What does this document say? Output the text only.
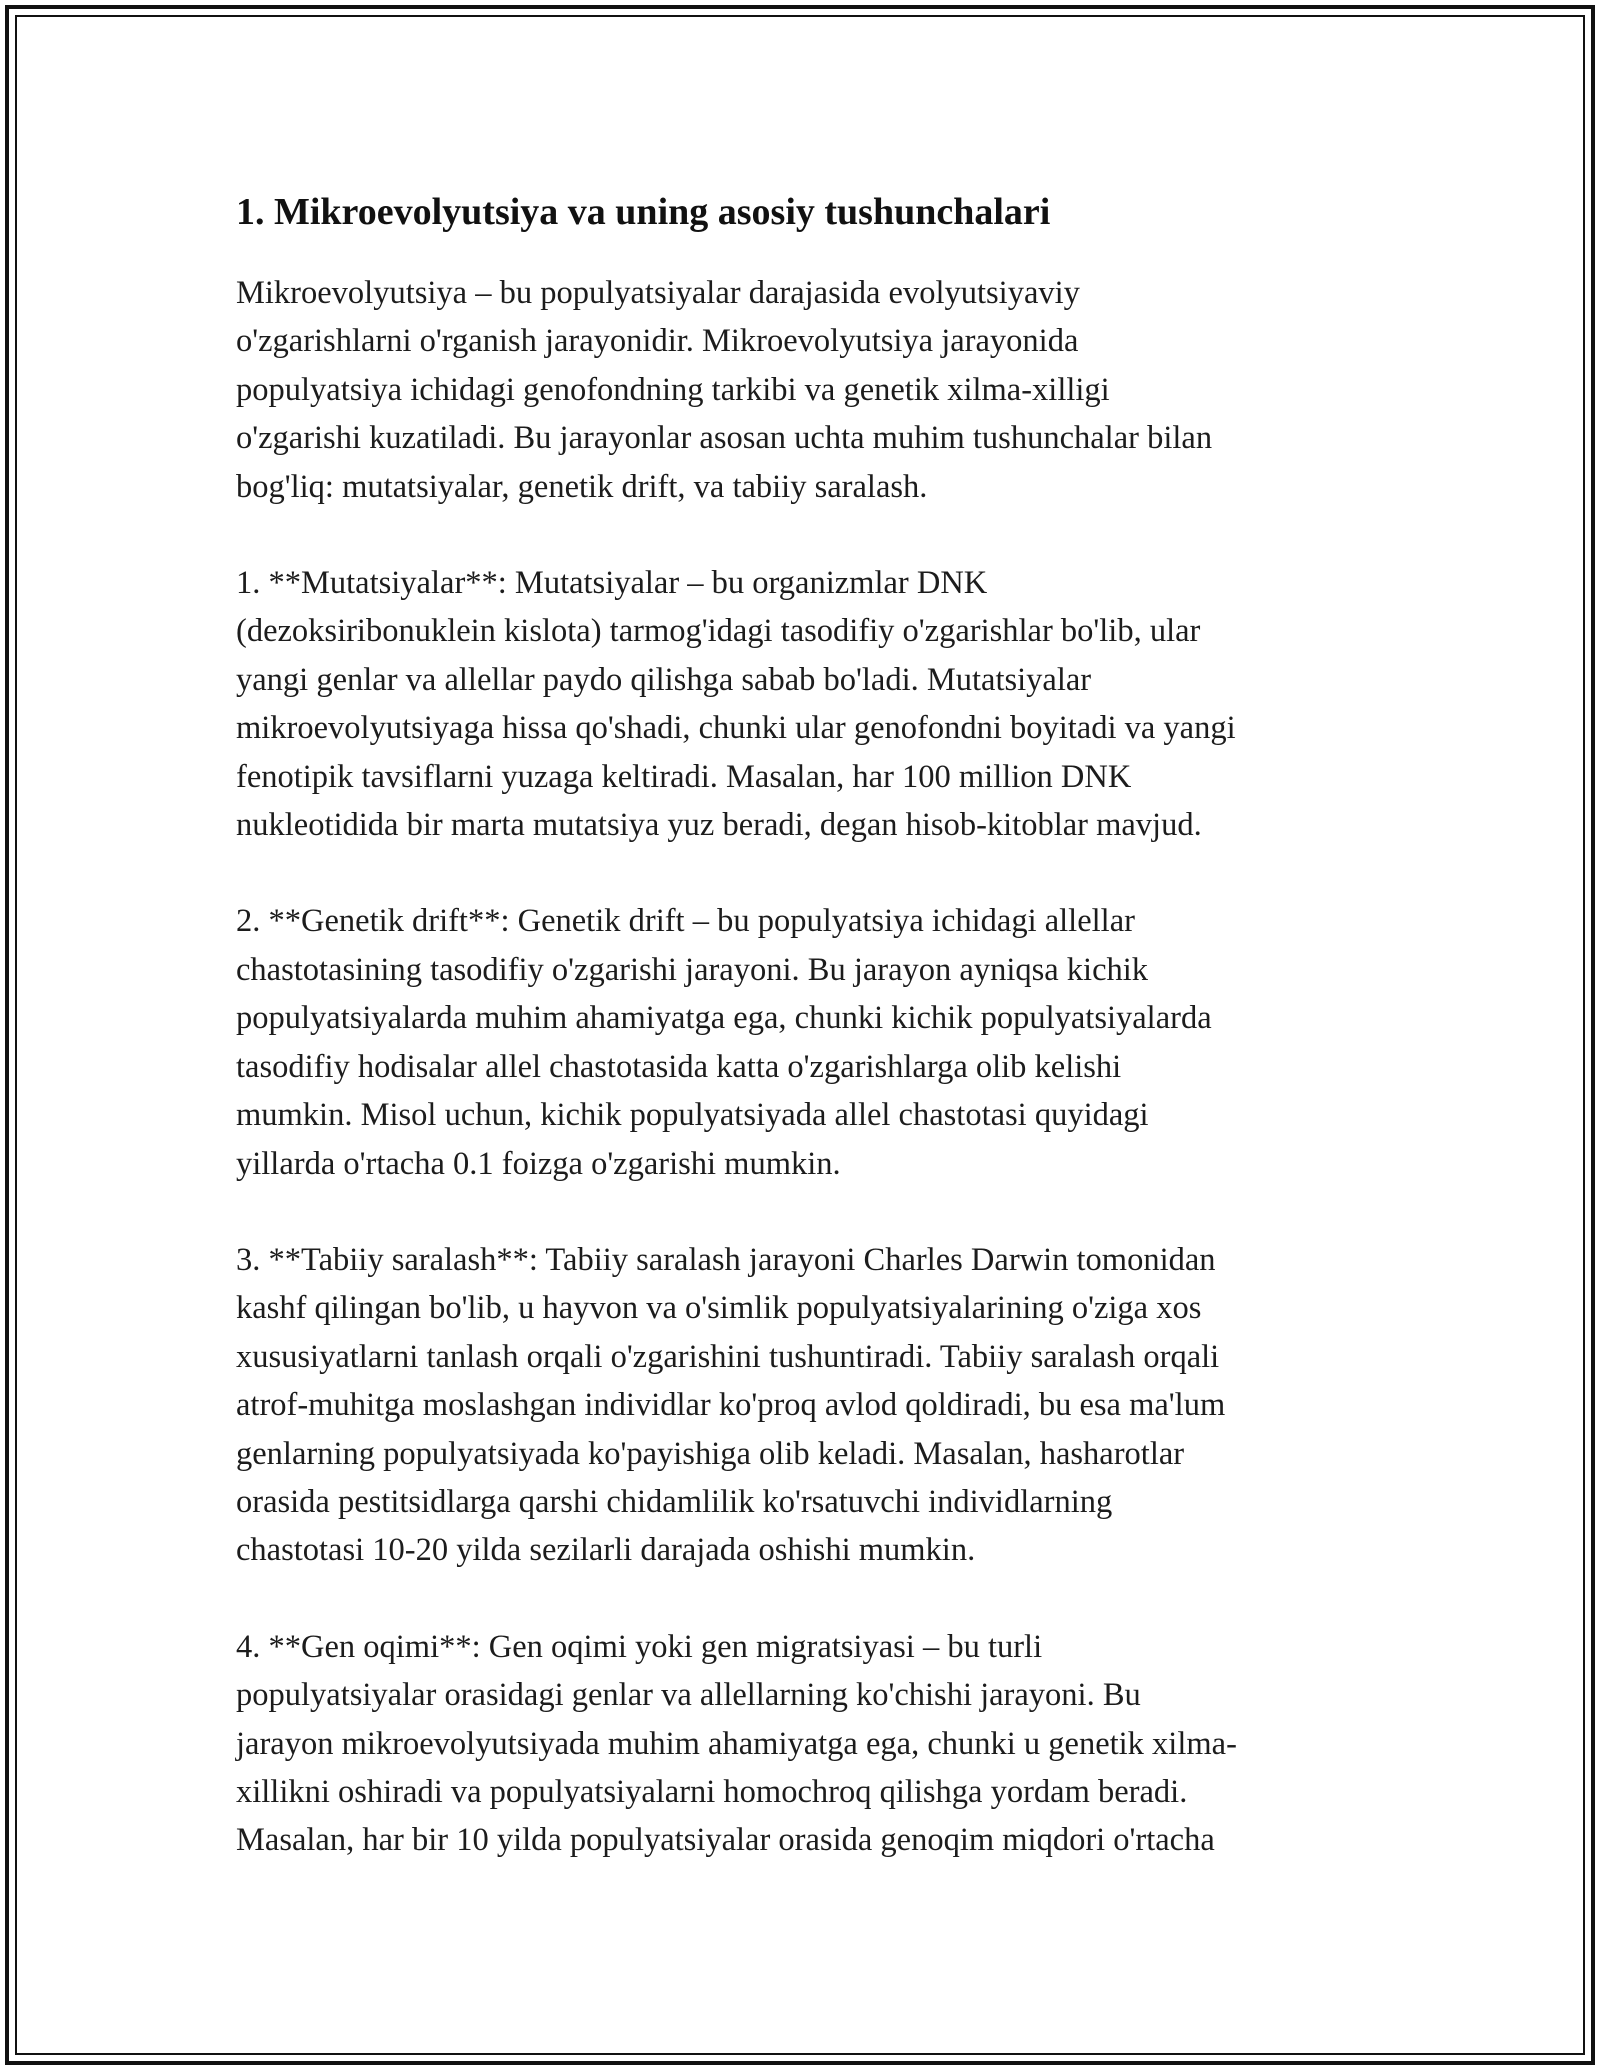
1. Mikroevolyutsiya va uning asosiy tushunchalari

Mikroevolyutsiya – bu populyatsiyalar darajasida evolyutsiyaviy
o'zgarishlarni o'rganish jarayonidir. Mikroevolyutsiya jarayonida
populyatsiya ichidagi genofondning tarkibi va genetik xilma-xilligi
o'zgarishi kuzatiladi. Bu jarayonlar asosan uchta muhim tushunchalar bilan
bog'liq: mutatsiyalar, genetik drift, va tabiiy saralash.

1. **Mutatsiyalar**: Mutatsiyalar – bu organizmlar DNK
(dezoksiribonuklein kislota) tarmog'idagi tasodifiy o'zgarishlar bo'lib, ular
yangi genlar va allellar paydo qilishga sabab bo'ladi. Mutatsiyalar
mikroevolyutsiyaga hissa qo'shadi, chunki ular genofondni boyitadi va yangi
fenotipik tavsiflarni yuzaga keltiradi. Masalan, har 100 million DNK
nukleotidida bir marta mutatsiya yuz beradi, degan hisob-kitoblar mavjud.

2. **Genetik drift**: Genetik drift – bu populyatsiya ichidagi allellar
chastotasining tasodifiy o'zgarishi jarayoni. Bu jarayon ayniqsa kichik
populyatsiyalarda muhim ahamiyatga ega, chunki kichik populyatsiyalarda
tasodifiy hodisalar allel chastotasida katta o'zgarishlarga olib kelishi
mumkin. Misol uchun, kichik populyatsiyada allel chastotasi quyidagi
yillarda o'rtacha 0.1 foizga o'zgarishi mumkin.

3. **Tabiiy saralash**: Tabiiy saralash jarayoni Charles Darwin tomonidan
kashf qilingan bo'lib, u hayvon va o'simlik populyatsiyalarining o'ziga xos
xususiyatlarni tanlash orqali o'zgarishini tushuntiradi. Tabiiy saralash orqali
atrof-muhitga moslashgan individlar ko'proq avlod qoldiradi, bu esa ma'lum
genlarning populyatsiyada ko'payishiga olib keladi. Masalan, hasharotlar
orasida pestitsidlarga qarshi chidamlilik ko'rsatuvchi individlarning
chastotasi 10-20 yilda sezilarli darajada oshishi mumkin.

4. **Gen oqimi**: Gen oqimi yoki gen migratsiyasi – bu turli
populyatsiyalar orasidagi genlar va allellarning ko'chishi jarayoni. Bu
jarayon mikroevolyutsiyada muhim ahamiyatga ega, chunki u genetik xilma-
xillikni oshiradi va populyatsiyalarni homochroq qilishga yordam beradi.
Masalan, har bir 10 yilda populyatsiyalar orasida genoqim miqdori o'rtacha
